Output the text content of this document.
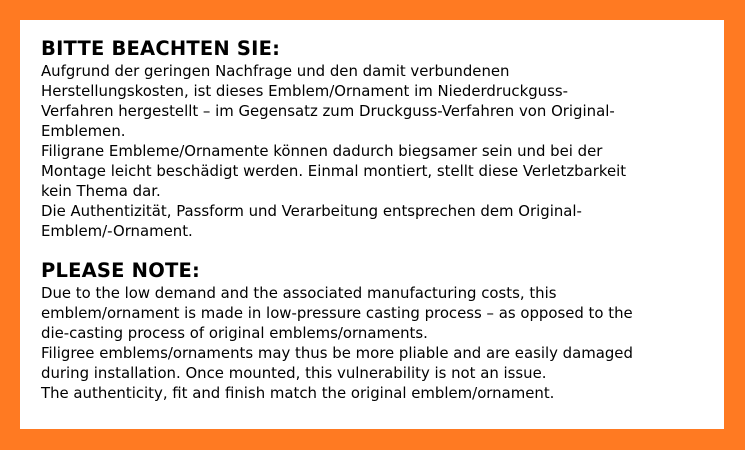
BITTE BEACHTEN SIE:

Aufgrund der geringen Nachfrage und den damit verbundenen
Herstellungskosten, ist dieses Emblem/Ornament im Niederdruckguss-
Verfahren hergestellt – im Gegensatz zum Druckguss-Verfahren von Original-
Emblemen.
Filigrane Embleme/Ornamente können dadurch biegsamer sein und bei der
Montage leicht beschädigt werden. Einmal montiert, stellt diese Verletzbarkeit
kein Thema dar.
Die Authentizität, Passform und Verarbeitung entsprechen dem Original-
Emblem/-Ornament.

PLEASE NOTE:

Due to the low demand and the associated manufacturing costs, this
emblem/ornament is made in low-pressure casting process – as opposed to the
die-casting process of original emblems/ornaments.
Filigree emblems/ornaments may thus be more pliable and are easily damaged
during installation. Once mounted, this vulnerability is not an issue.
The authenticity, fit and finish match the original emblem/ornament.
